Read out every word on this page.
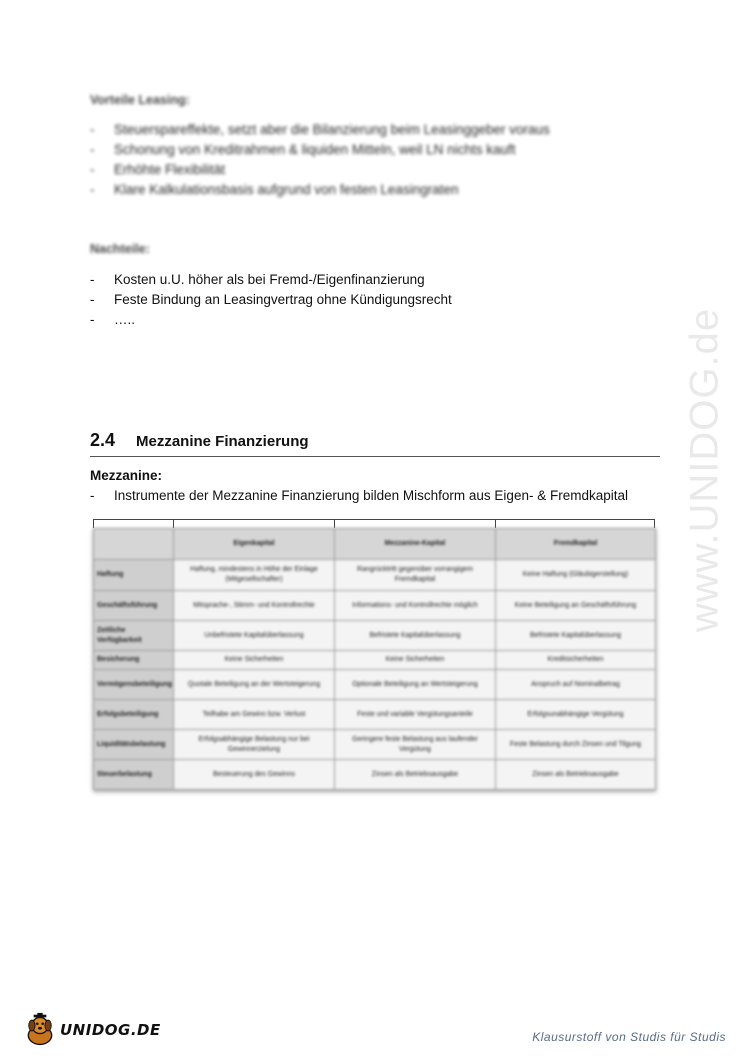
www.UNIDOG.de
Vorteile Leasing:
-	Steuerspareffekte, setzt aber die Bilanzierung beim Leasinggeber voraus
-	Schonung von Kreditrahmen & liquiden Mitteln, weil LN nichts kauft
-	Erhöhte Flexibilität
-	Klare Kalkulationsbasis aufgrund von festen Leasingraten
Nachteile:
-	Kosten u.U. höher als bei Fremd-/Eigenfinanzierung
-	Feste Bindung an Leasingvertrag ohne Kündigungsrecht
-	…..
2.4	Mezzanine Finanzierung
Mezzanine:
-	Instrumente der Mezzanine Finanzierung bilden Mischform aus Eigen- & Fremdkapital
	Eigenkapital	Mezzanine-Kapital	Fremdkapital
Haftung	Haftung, mindestens in Höhe der Einlage (Mitgesellschafter)	Rangrücktritt gegenüber vorrangigem Fremdkapital	Keine Haftung (Gläubigerstellung)
Geschäftsführung	Mitsprache-, Stimm- und Kontrollrechte	Informations- und Kontrollrechte möglich	Keine Beteiligung an Geschäftsführung
Zeitliche Verfügbarkeit	Unbefristete Kapitalüberlassung	Befristete Kapitalüberlassung	Befristete Kapitalüberlassung
Besicherung	Keine Sicherheiten	Keine Sicherheiten	Kreditsicherheiten
Vermögensbeteiligung	Quotale Beteiligung an der Wertsteigerung	Optionale Beteiligung an Wertsteigerung	Anspruch auf Nominalbetrag
Erfolgsbeteiligung	Teilhabe am Gewinn bzw. Verlust	Feste und variable Vergütungsanteile	Erfolgsunabhängige Vergütung
Liquiditätsbelastung	Erfolgsabhängige Belastung nur bei Gewinnerzielung	Geringere feste Belastung aus laufender Vergütung	Feste Belastung durch Zinsen und Tilgung
Steuerbelastung	Besteuerung des Gewinns	Zinsen als Betriebsausgabe	Zinsen als Betriebsausgabe
UNIDOG.DE	Klausurstoff von Studis für Studis
